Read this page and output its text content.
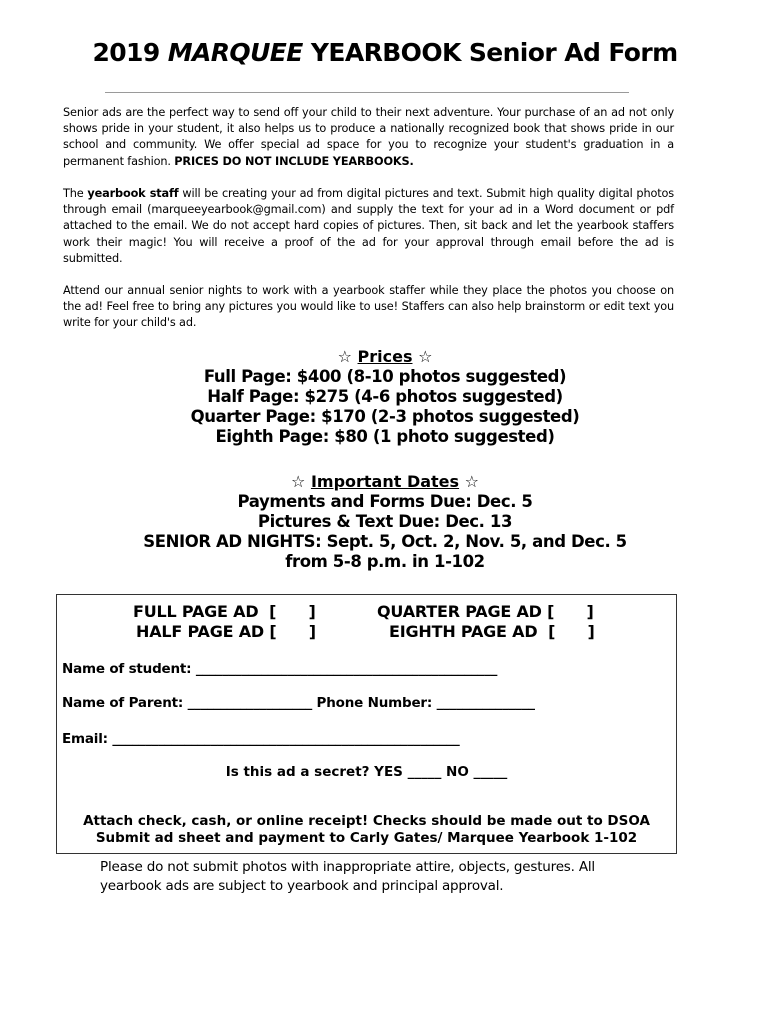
2019 MARQUEE YEARBOOK Senior Ad Form
Senior ads are the perfect way to send off your child to their next adventure. Your purchase of an ad not only shows pride in your student, it also helps us to produce a nationally recognized book that shows pride in our school and community. We offer special ad space for you to recognize your student's graduation in a permanent fashion. PRICES DO NOT INCLUDE YEARBOOKS.
The yearbook staff will be creating your ad from digital pictures and text. Submit high quality digital photos through email (marqueeyearbook@gmail.com) and supply the text for your ad in a Word document or pdf attached to the email. We do not accept hard copies of pictures. Then, sit back and let the yearbook staffers work their magic! You will receive a proof of the ad for your approval through email before the ad is submitted.
Attend our annual senior nights to work with a yearbook staffer while they place the photos you choose on the ad! Feel free to bring any pictures you would like to use! Staffers can also help brainstorm or edit text you write for your child's ad.
☆ Prices ☆
Full Page: $400 (8-10 photos suggested)
Half Page: $275 (4-6 photos suggested)
Quarter Page: $170 (2-3 photos suggested)
Eighth Page: $80 (1 photo suggested)
☆ Important Dates ☆
Payments and Forms Due: Dec. 5
Pictures & Text Due: Dec. 13
SENIOR AD NIGHTS: Sept. 5, Oct. 2, Nov. 5, and Dec. 5
from 5-8 p.m. in 1-102
FULL PAGE AD  [      ]
HALF PAGE AD [      ]
QUARTER PAGE AD [      ]
EIGHTH PAGE AD  [      ]
Name of student: ______________________________________________
Name of Parent: ___________________ Phone Number: _______________
Email: _____________________________________________________
Is this ad a secret? YES _____ NO _____
Attach check, cash, or online receipt! Checks should be made out to DSOA
Submit ad sheet and payment to Carly Gates/ Marquee Yearbook 1-102
Please do not submit photos with inappropriate attire, objects, gestures. All yearbook ads are subject to yearbook and principal approval.
